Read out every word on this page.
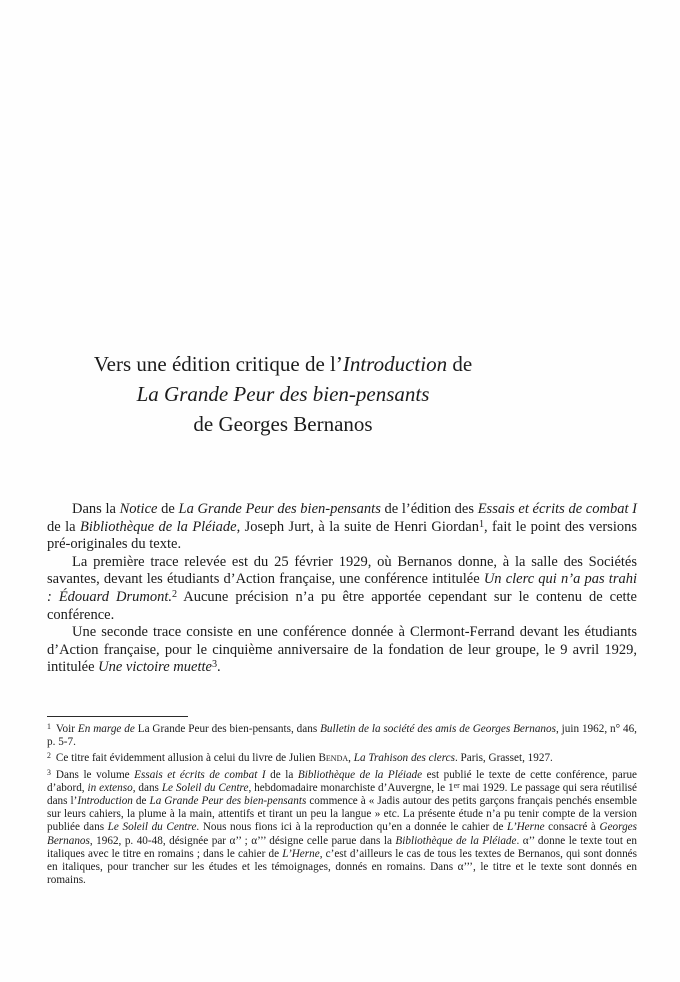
Vers une édition critique de l’Introduction de
La Grande Peur des bien-pensants
de Georges Bernanos

Dans la Notice de La Grande Peur des bien-pensants de l’édition des Essais et écrits de combat I de la Bibliothèque de la Pléiade, Joseph Jurt, à la suite de Henri Giordan$^1$, fait le point des versions pré-originales du texte.

La première trace relevée est du 25 février 1929, où Bernanos donne, à la salle des Sociétés savantes, devant les étudiants d’Action française, une conférence intitulée Un clerc qui n’a pas trahi : Édouard Drumont.$^2$ Aucune précision n’a pu être apportée cependant sur le contenu de cette conférence.

Une seconde trace consiste en une conférence donnée à Clermont-Ferrand devant les étudiants d’Action française, pour le cinquième anniversaire de la fondation de leur groupe, le 9 avril 1929, intitulée Une victoire muette$^3$.

$^1$ Voir En marge de La Grande Peur des bien-pensants, dans Bulletin de la société des amis de Georges Bernanos, juin 1962, n° 46, p. 5-7.
$^2$ Ce titre fait évidemment allusion à celui du livre de Julien Benda, La Trahison des clercs. Paris, Grasset, 1927.
$^3$ Dans le volume Essais et écrits de combat I de la Bibliothèque de la Pléiade est publié le texte de cette conférence, parue d’abord, in extenso, dans Le Soleil du Centre, hebdomadaire monarchiste d’Auvergne, le 1er mai 1929. Le passage qui sera réutilisé dans l’Introduction de La Grande Peur des bien-pensants commence à « Jadis autour des petits garçons français penchés ensemble sur leurs cahiers, la plume à la main, attentifs et tirant un peu la langue » etc. La présente étude n’a pu tenir compte de la version publiée dans Le Soleil du Centre. Nous nous fions ici à la reproduction qu’en a donnée le cahier de L’Herne consacré à Georges Bernanos, 1962, p. 40-48, désignée par α’’ ; α’’’ désigne celle parue dans la Bibliothèque de la Pléiade. α’’ donne le texte tout en italiques avec le titre en romains ; dans le cahier de L’Herne, c’est d’ailleurs le cas de tous les textes de Bernanos, qui sont donnés en italiques, pour trancher sur les études et les témoignages, donnés en romains. Dans α’’’, le titre et le texte sont donnés en romains.
